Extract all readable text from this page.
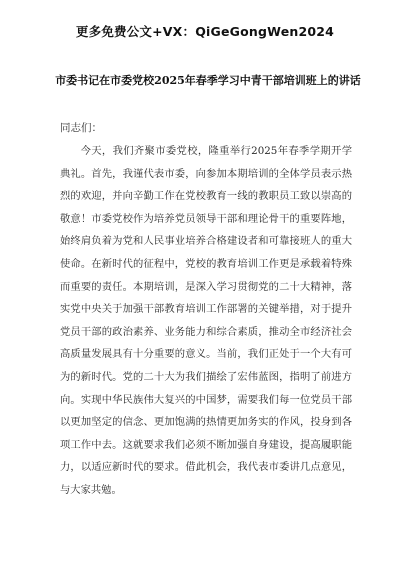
更多免费公文+VX：QiGeGongWen2024
市委书记在市委党校2025年春季学习中青干部培训班上的讲话
同志们：

今天，我们齐聚市委党校，隆重举行2025年春季学期开学典礼。首先，我谨代表市委，向参加本期培训的全体学员表示热烈的欢迎，并向辛勤工作在党校教育一线的教职员工致以崇高的敬意！市委党校作为培养党员领导干部和理论骨干的重要阵地，始终肩负着为党和人民事业培养合格建设者和可靠接班人的重大使命。在新时代的征程中，党校的教育培训工作更是承载着特殊而重要的责任。本期培训，是深入学习贯彻党的二十大精神，落实党中央关于加强干部教育培训工作部署的关键举措，对于提升党员干部的政治素养、业务能力和综合素质，推动全市经济社会高质量发展具有十分重要的意义。当前，我们正处于一个大有可为的新时代。党的二十大为我们描绘了宏伟蓝图，指明了前进方向。实现中华民族伟大复兴的中国梦，需要我们每一位党员干部以更加坚定的信念、更加饱满的热情更加务实的作风，投身到各项工作中去。这就要求我们必须不断加强自身建设，提高履职能力，以适应新时代的要求。借此机会，我代表市委讲几点意见，与大家共勉。
